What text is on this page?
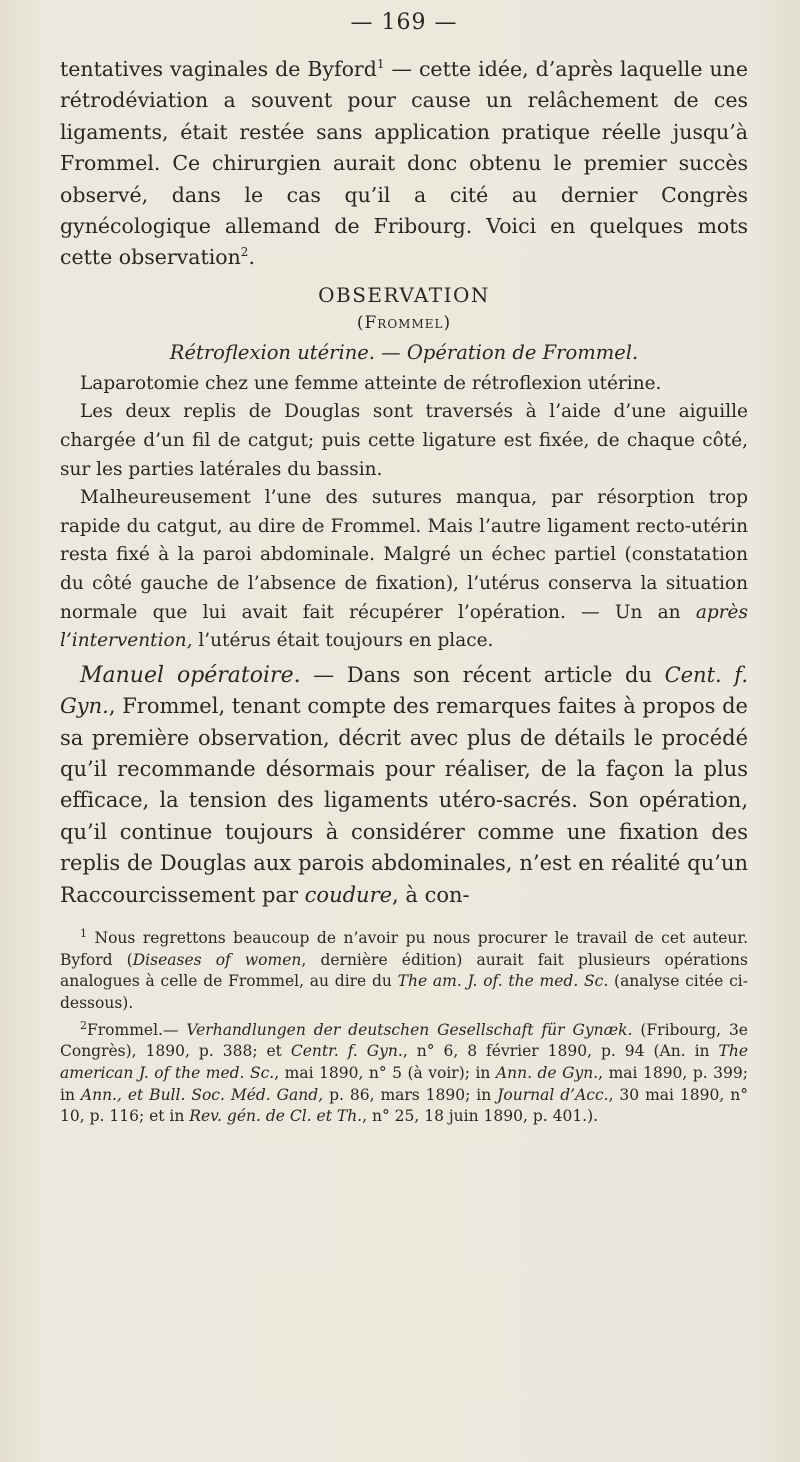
— 169 —

tentatives vaginales de Byford$^1$ — cette idée, d’après laquelle une rétrodéviation a souvent pour cause un relâchement de ces ligaments, était restée sans application pratique réelle jusqu’à Frommel. Ce chirurgien aurait donc obtenu le premier succès observé, dans le cas qu’il a cité au dernier Congrès gynécologique allemand de Fribourg. Voici en quelques mots cette observation$^2$.

OBSERVATION
(Frommel)
Rétroflexion utérine. — Opération de Frommel.

Laparotomie chez une femme atteinte de rétroflexion utérine.

Les deux replis de Douglas sont traversés à l’aide d’une aiguille chargée d’un fil de catgut; puis cette ligature est fixée, de chaque côté, sur les parties latérales du bassin.

Malheureusement l’une des sutures manqua, par résorption trop rapide du catgut, au dire de Frommel. Mais l’autre ligament recto-utérin resta fixé à la paroi abdominale. Malgré un échec partiel (constatation du côté gauche de l’absence de fixation), l’utérus conserva la situation normale que lui avait fait récupérer l’opération. — Un an après l’intervention, l’utérus était toujours en place.

Manuel opératoire. — Dans son récent article du Cent. f. Gyn., Frommel, tenant compte des remarques faites à propos de sa première observation, décrit avec plus de détails le procédé qu’il recommande désormais pour réaliser, de la façon la plus efficace, la tension des ligaments utéro-sacrés. Son opération, qu’il continue toujours à considérer comme une fixation des replis de Douglas aux parois abdominales, n’est en réalité qu’un Raccourcissement par coudure, à con-

$^1$ Nous regrettons beaucoup de n’avoir pu nous procurer le travail de cet auteur. Byford (Diseases of women, dernière édition) aurait fait plusieurs opérations analogues à celle de Frommel, au dire du The am. J. of. the med. Sc. (analyse citée ci-dessous).

$^2$Frommel.— Verhandlungen der deutschen Gesellschaft für Gynæk. (Fribourg, 3e Congrès), 1890, p. 388; et Centr. f. Gyn., n° 6, 8 février 1890, p. 94 (An. in The american J. of the med. Sc., mai 1890, n° 5 (à voir); in Ann. de Gyn., mai 1890, p. 399; in Ann., et Bull. Soc. Méd. Gand, p. 86, mars 1890; in Journal d’Acc., 30 mai 1890, n° 10, p. 116; et in Rev. gén. de Cl. et Th., n° 25, 18 juin 1890, p. 401.).
